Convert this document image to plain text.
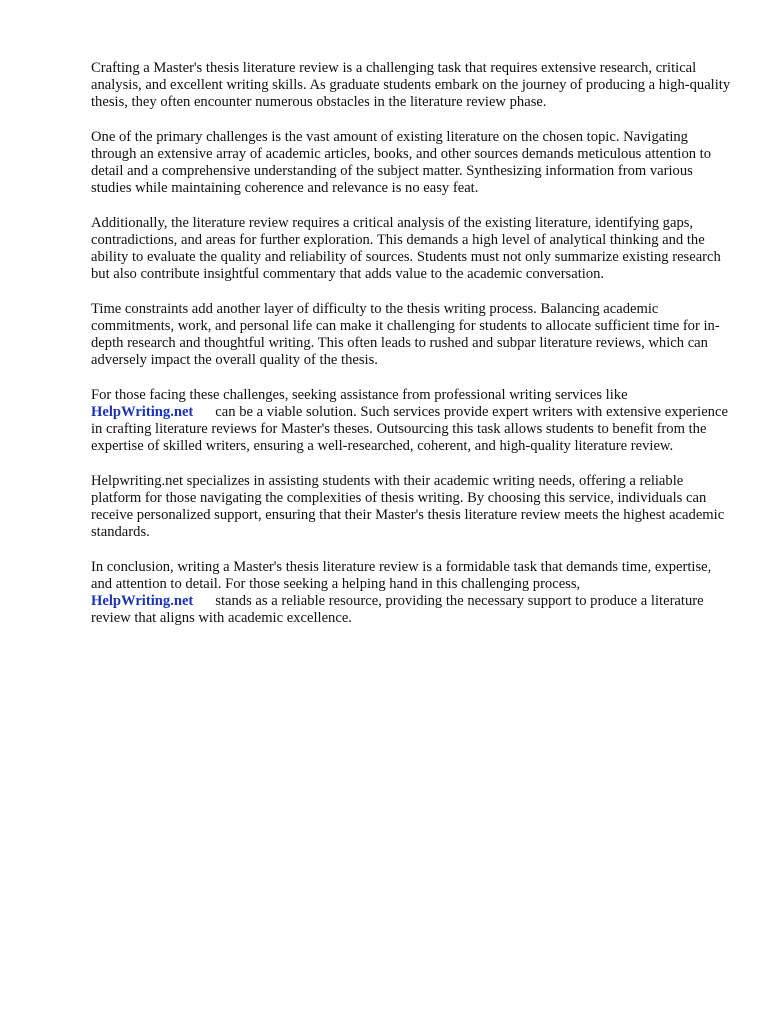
Crafting a Master's thesis literature review is a challenging task that requires extensive research, critical analysis, and excellent writing skills. As graduate students embark on the journey of producing a high-quality thesis, they often encounter numerous obstacles in the literature review phase.

One of the primary challenges is the vast amount of existing literature on the chosen topic. Navigating through an extensive array of academic articles, books, and other sources demands meticulous attention to detail and a comprehensive understanding of the subject matter. Synthesizing information from various studies while maintaining coherence and relevance is no easy feat.

Additionally, the literature review requires a critical analysis of the existing literature, identifying gaps, contradictions, and areas for further exploration. This demands a high level of analytical thinking and the ability to evaluate the quality and reliability of sources. Students must not only summarize existing research but also contribute insightful commentary that adds value to the academic conversation.

Time constraints add another layer of difficulty to the thesis writing process. Balancing academic commitments, work, and personal life can make it challenging for students to allocate sufficient time for in-depth research and thoughtful writing. This often leads to rushed and subpar literature reviews, which can adversely impact the overall quality of the thesis.

For those facing these challenges, seeking assistance from professional writing services like
HelpWriting.net can be a viable solution. Such services provide expert writers with extensive experience in crafting literature reviews for Master's theses. Outsourcing this task allows students to benefit from the expertise of skilled writers, ensuring a well-researched, coherent, and high-quality literature review.

Helpwriting.net specializes in assisting students with their academic writing needs, offering a reliable platform for those navigating the complexities of thesis writing. By choosing this service, individuals can receive personalized support, ensuring that their Master's thesis literature review meets the highest academic standards.

In conclusion, writing a Master's thesis literature review is a formidable task that demands time, expertise, and attention to detail. For those seeking a helping hand in this challenging process,
HelpWriting.net stands as a reliable resource, providing the necessary support to produce a literature review that aligns with academic excellence.
